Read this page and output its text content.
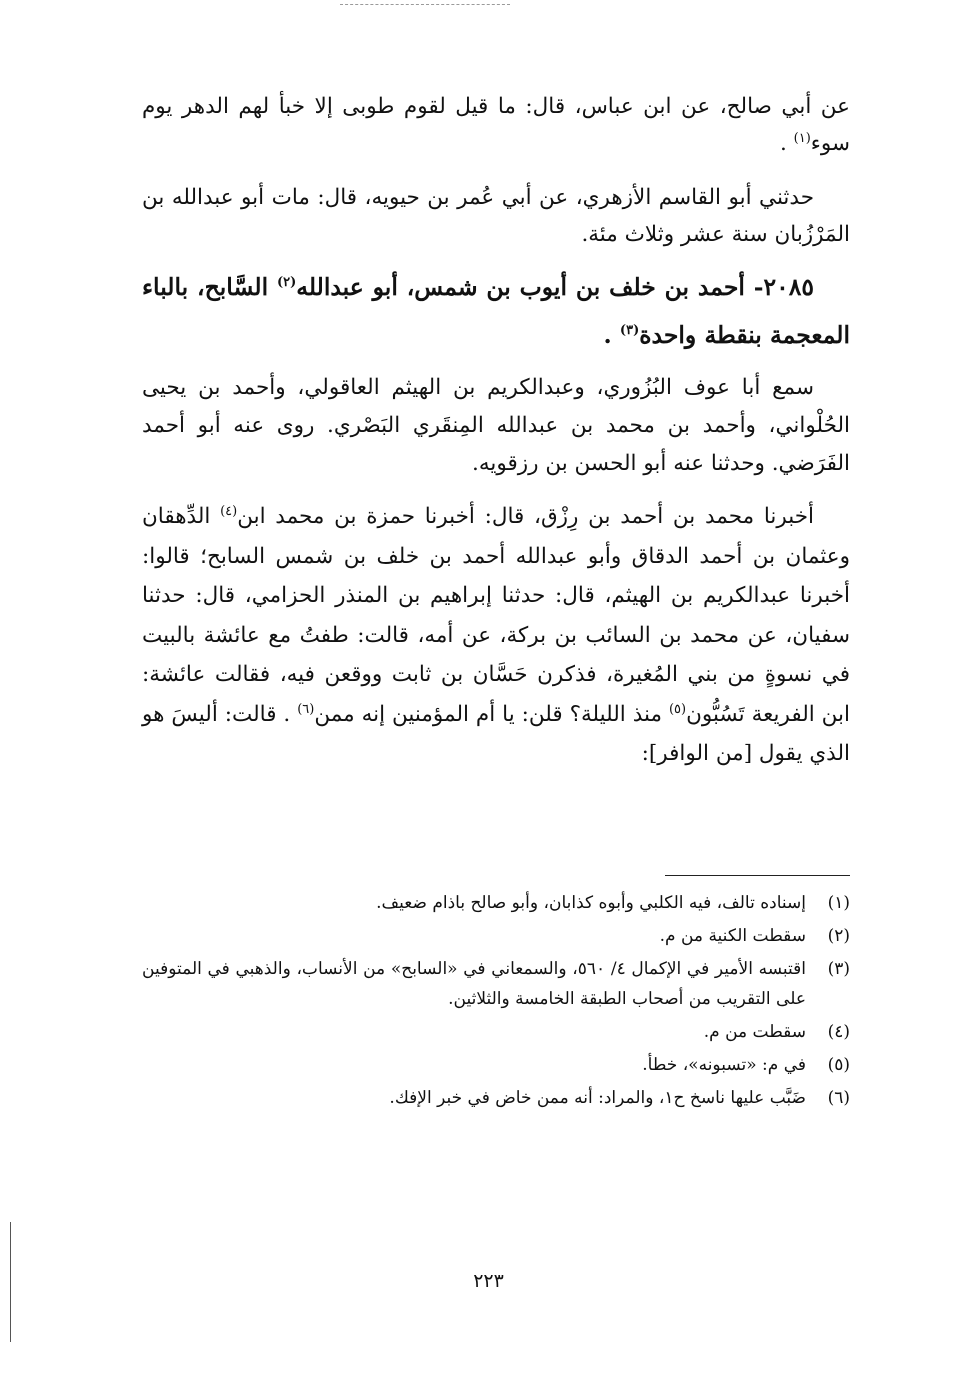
عن أبي صالح، عن ابن عباس، قال: ما قيل لقوم طوبى إلا خبأ لهم الدهر يوم سوء$^{(١)}$ .

حدثني أبو القاسم الأزهري، عن أبي عُمر بن حيويه، قال: مات أبو عبدالله بن المَرْزُبان سنة عشر وثلاث مئة.

٢٠٨٥- أحمد بن خلف بن أيوب بن شمس، أبو عبدالله$^{(٢)}$ السَّابح، بالباء المعجمة بنقطة واحدة$^{(٣)}$ .

سمع أبا عوف البُزُوري، وعبدالكريم بن الهيثم العاقولي، وأحمد بن يحيى الحُلْواني، وأحمد بن محمد بن عبدالله المِنقَري البَصْري. روى عنه أبو أحمد الفَرَضي. وحدثنا عنه أبو الحسن بن رزقويه.

أخبرنا محمد بن أحمد بن رِزْق، قال: أخبرنا حمزة بن محمد ابن$^{(٤)}$ الدِّهقان وعثمان بن أحمد الدقاق وأبو عبدالله أحمد بن خلف بن شمس السابح؛ قالوا: أخبرنا عبدالكريم بن الهيثم، قال: حدثنا إبراهيم بن المنذر الحزامي، قال: حدثنا سفيان، عن محمد بن السائب بن بركة، عن أمه، قالت: طفتُ مع عائشة بالبيت في نسوةٍ من بني المُغيرة، فذكرن حَسَّان بن ثابت ووقعن فيه، فقالت عائشة: ابن الفريعة تَسُبُّون$^{(٥)}$ منذ الليلة؟ قلن: يا أم المؤمنين إنه ممن$^{(٦)}$ . قالت: أليسَ هو الذي يقول [من الوافر]:

(١)
إسناده تالف، فيه الكلبي وأبوه كذابان، وأبو صالح باذام ضعيف.
(٢)
سقطت الكنية من م.
(٣)
اقتبسه الأمير في الإكمال ٤/ ٥٦٠، والسمعاني في «السابح» من الأنساب، والذهبي في المتوفين على التقريب من أصحاب الطبقة الخامسة والثلاثين.
(٤)
سقطت من م.
(٥)
في م: «تسبونه»، خطأ.
(٦)
ضَبَّب عليها ناسخ ح١، والمراد: أنه ممن خاض في خبر الإفك.
٢٢٣
